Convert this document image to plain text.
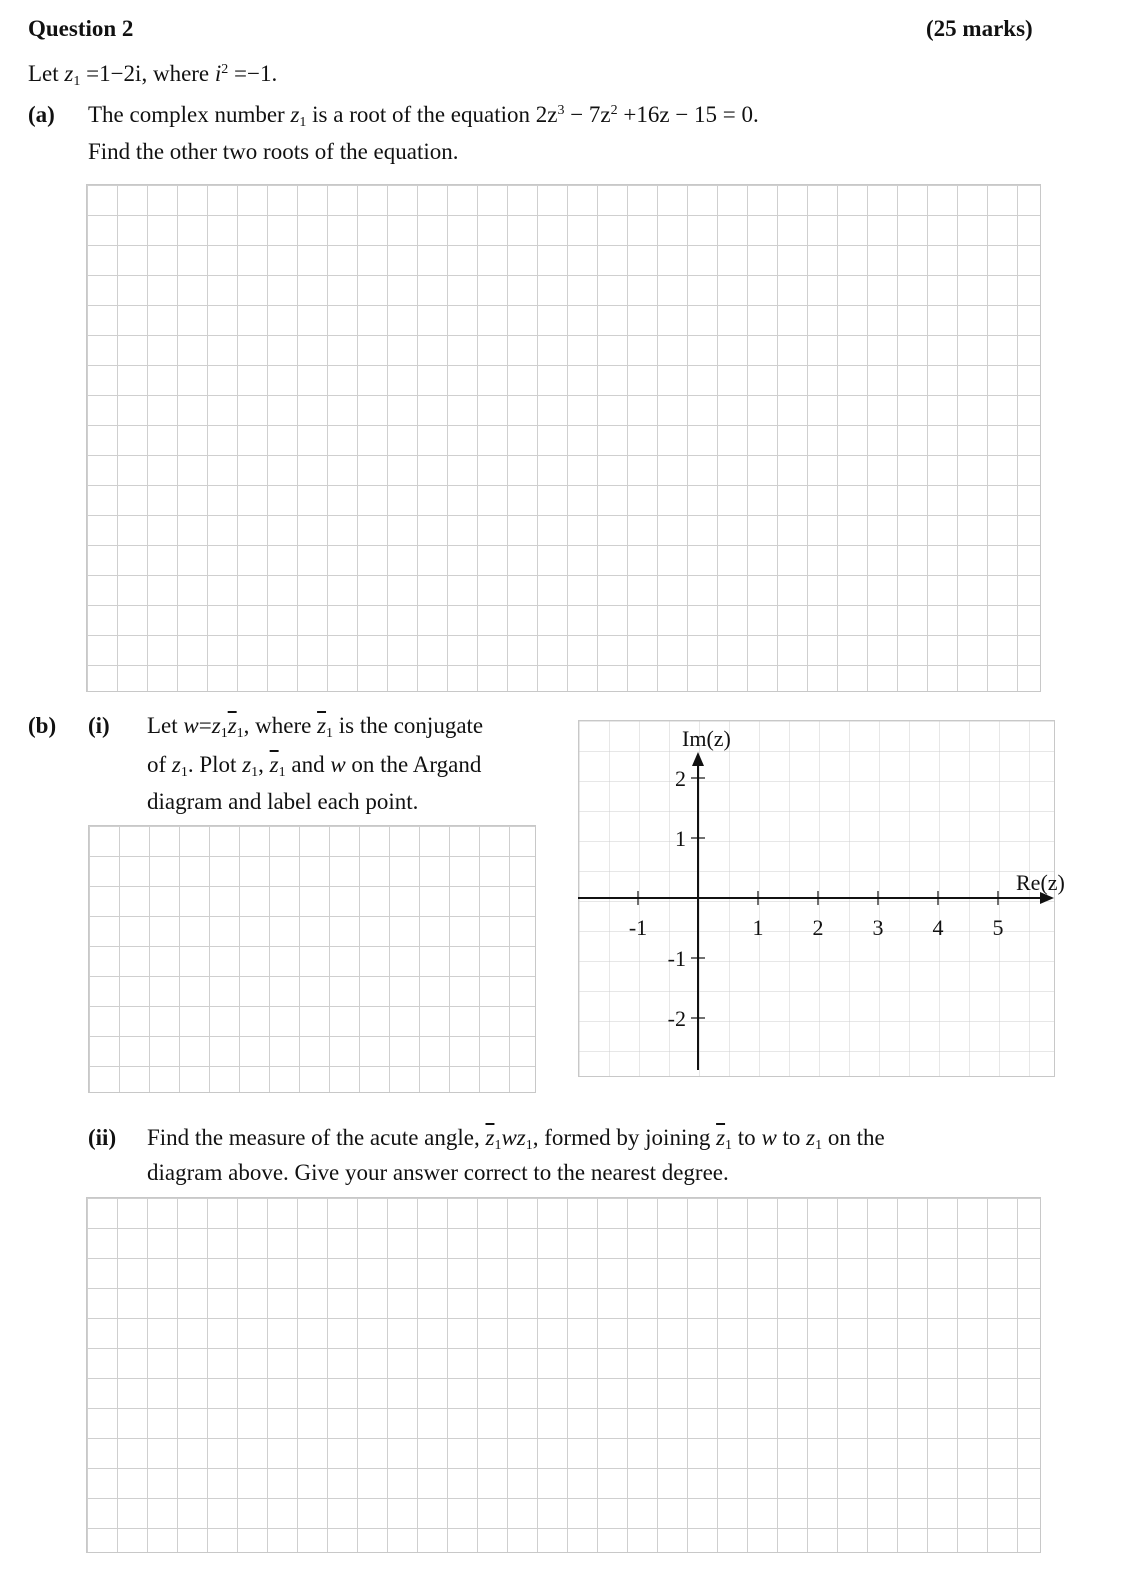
Question 2	(25 marks)
Let $z_1 =1-2i$, where $i^2 =-1$.
(a) The complex number $z_1$ is a root of the equation $2z^3 - 7z^2 +16z - 15 = 0$.
Find the other two roots of the equation.
(b) (i) Let $w=z_1\overline{z}_1$, where $\overline{z}_1$ is the conjugate
of $z_1$. Plot $z_1$, $\overline{z}_1$ and w on the Argand
diagram and label each point.
-1	1 2 3 4 5
2
1
-1
-2
Im(z)
Re(z)
(ii) Find the measure of the acute angle, $\overline{z}_1wz_1$, formed by joining $\overline{z}_1$ to w to $z_1$ on the
diagram above. Give your answer correct to the nearest degree.
